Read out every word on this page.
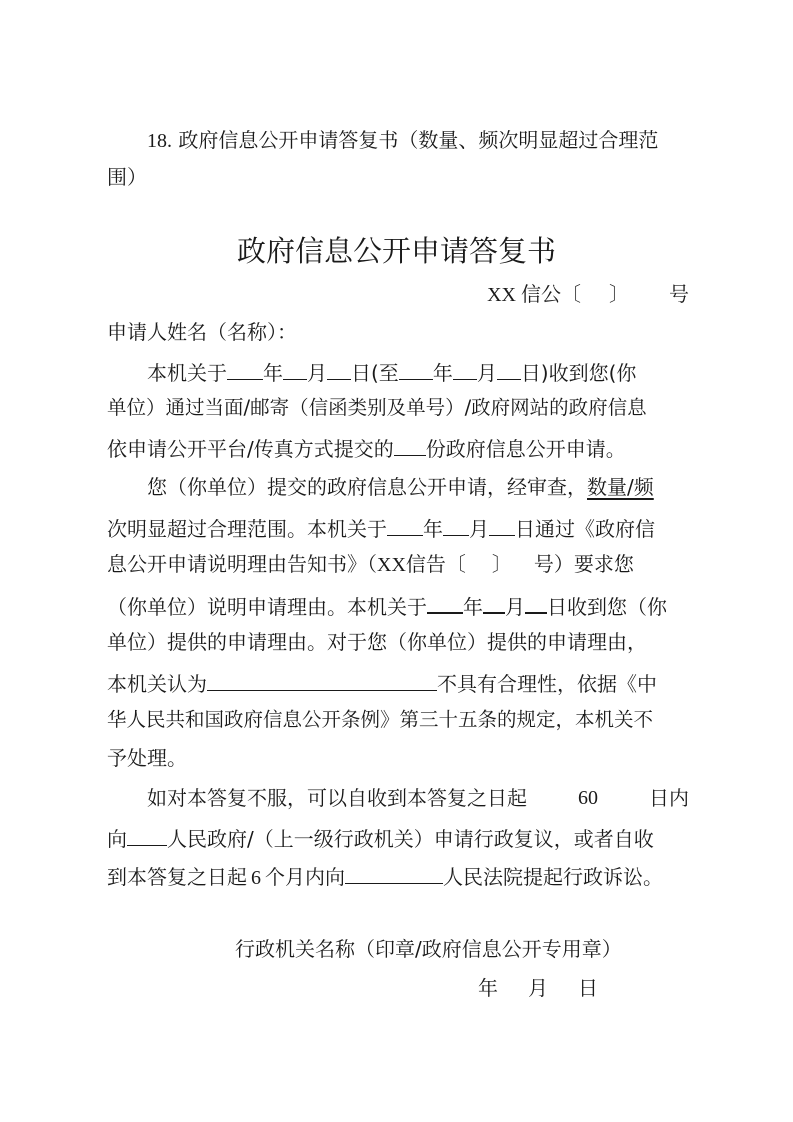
18. 政府信息公开申请答复书（数量、频次明显超过合理范
围）
政府信息公开申请答复书
XX 信公〔 〕 号
申请人姓名（名称）：
本机关于 年 月 日(至 年 月 日)收到您(你
单位）通过当面/邮寄（信函类别及单号）/政府网站的政府信息
依申请公开平台/传真方式提交的 份政府信息公开申请。
您（你单位）提交的政府信息公开申请，经审查，数量/频
次明显超过合理范围。本机关于 年 月 日通过《政府信
息公开申请说明理由告知书》（XX信告〔 〕 号）要求您
（你单位）说明申请理由。本机关于 年 月 日收到您（你
单位）提供的申请理由。对于您（你单位）提供的申请理由，
本机关认为	不具有合理性，依据《中
华人民共和国政府信息公开条例》第三十五条的规定，本机关不
予处理。
如对本答复不服，可以自收到本答复之日起	60	日内
向 人民政府/（上一级行政机关）申请行政复议，或者自收
到本答复之日起 6 个月内向	人民法院提起行政诉讼。
行政机关名称（印章/政府信息公开专用章）
年 月 日
